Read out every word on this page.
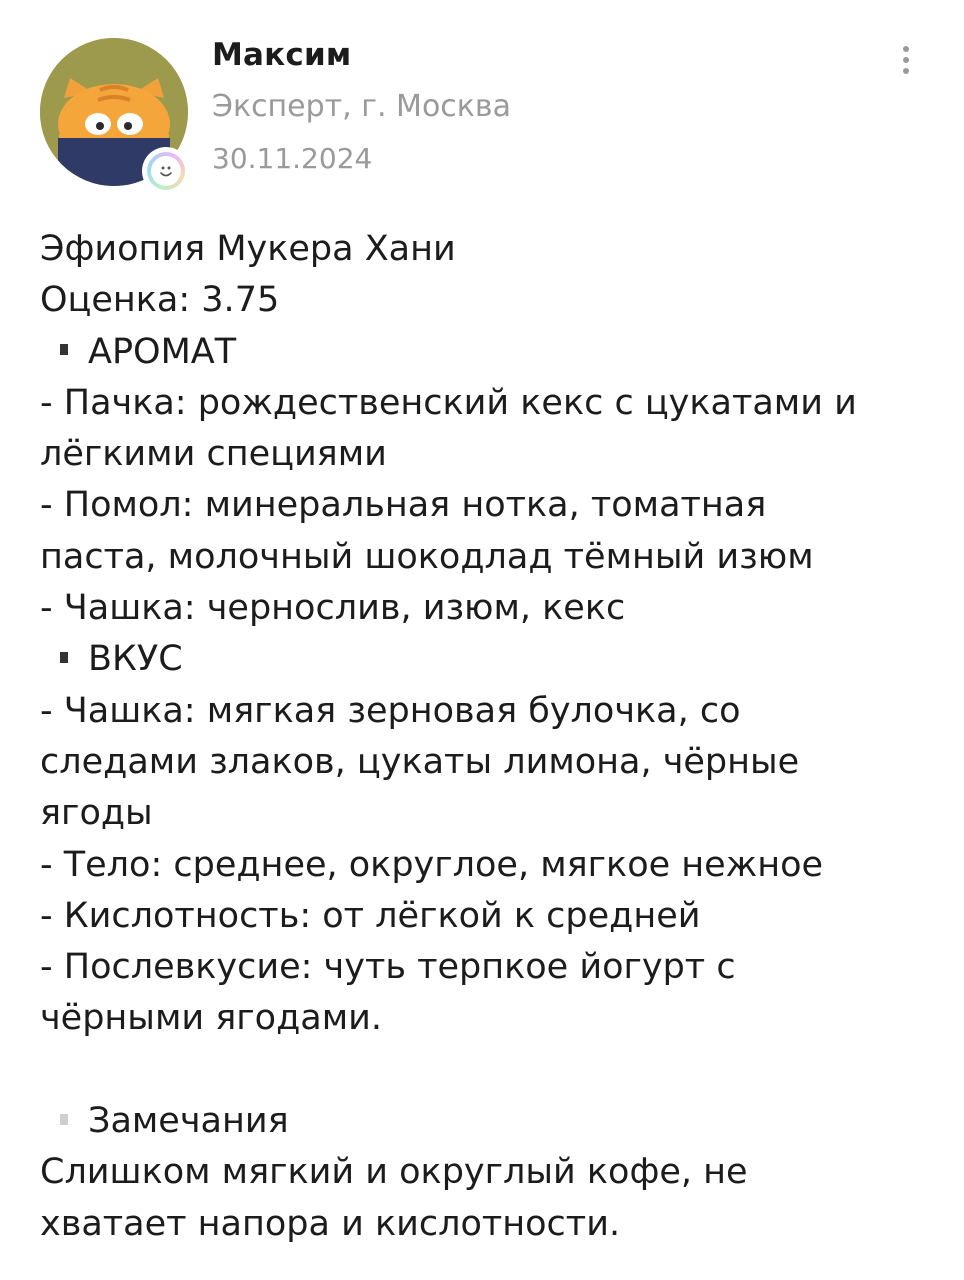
Максим
Эксперт, г. Москва
30.11.2024
Эфиопия Мукера Хани
Оценка: 3.75
АРОМАТ
- Пачка: рождественский кекс с цукатами и
лёгкими специями
- Помол: минеральная нотка, томатная
паста, молочный шокодлад тёмный изюм
- Чашка: чернослив, изюм, кекс
ВКУС
- Чашка: мягкая зерновая булочка, со
следами злаков, цукаты лимона, чёрные
ягоды
- Тело: среднее, округлое, мягкое нежное
- Кислотность: от лёгкой к средней
- Послевкусие: чуть терпкое йогурт с
чёрными ягодами.
Замечания
Слишком мягкий и округлый кофе, не
хватает напора и кислотности.
